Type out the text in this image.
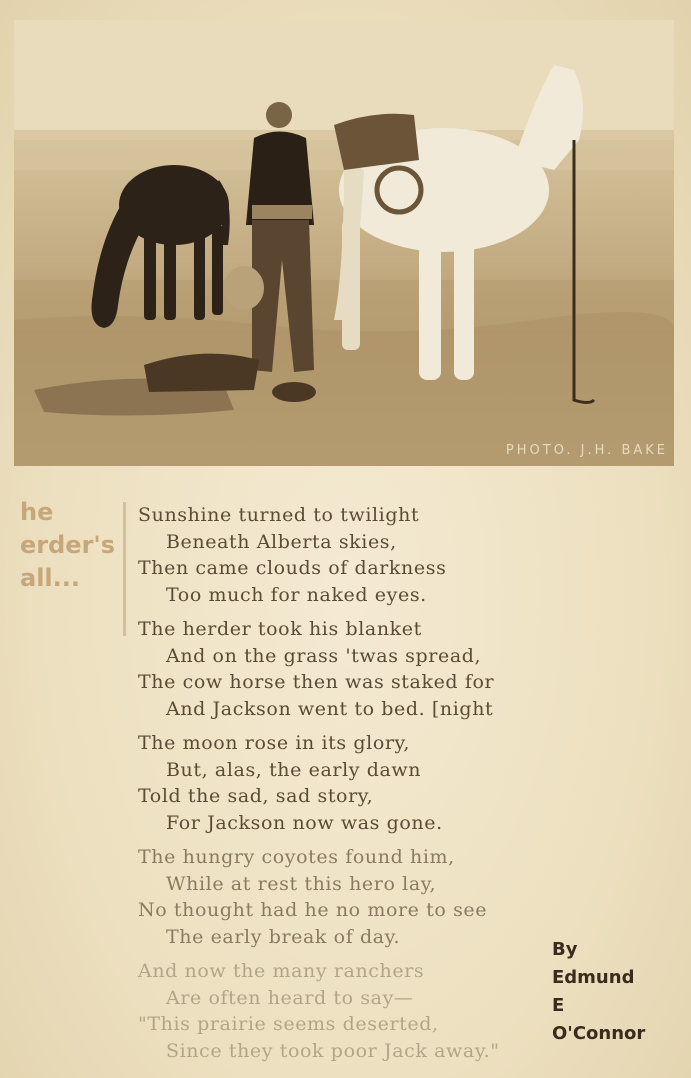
PHOTO. J.H. BAKE
he
erder's
all...
Sunshine turned to twilight
Beneath Alberta skies,
Then came clouds of darkness
Too much for naked eyes.
The herder took his blanket
And on the grass 'twas spread,
The cow horse then was staked for
And Jackson went to bed. [night
The moon rose in its glory,
But, alas, the early dawn
Told the sad, sad story,
For Jackson now was gone.
The hungry coyotes found him,
While at rest this hero lay,
No thought had he no more to see
The early break of day.
And now the many ranchers
Are often heard to say—
"This prairie seems deserted,
Since they took poor Jack away."
By
Edmund
E
O'Connor
